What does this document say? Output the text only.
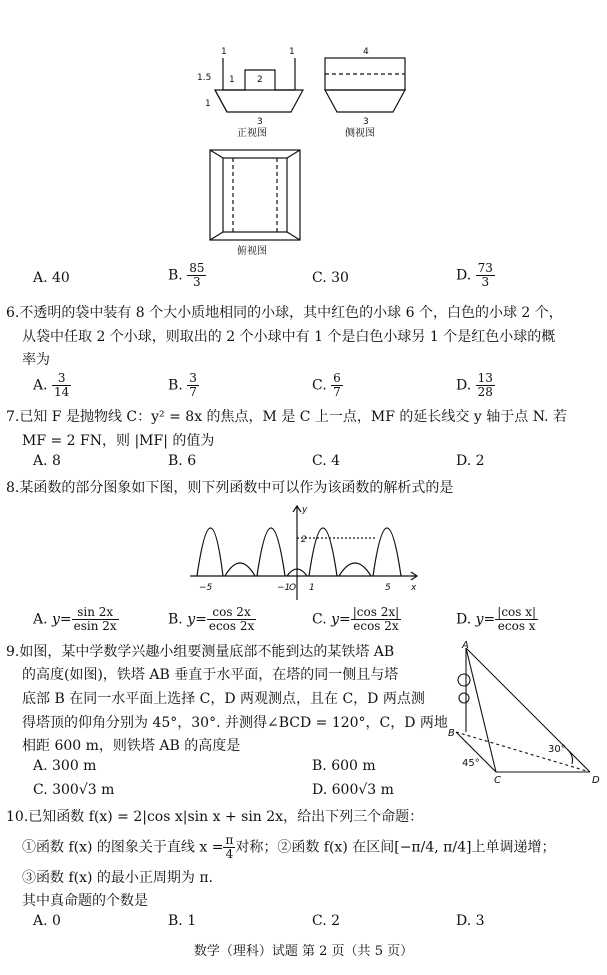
1	1
1.5
1
1 2
3
4
3
正视图	侧视图
俯视图
A. 40	B. $\frac{85}{3}$	C. 30	D. $\frac{73}{3}$
6.不透明的袋中装有 8 个大小质地相同的小球，其中红色的小球 6 个，白色的小球 2 个，
从袋中任取 2 个小球，则取出的 2 个小球中有 1 个是白色小球另 1 个是红色小球的概
率为
A. $\frac{3}{14}$	B. $\frac{3}{7}$	C. $\frac{6}{7}$	D. $\frac{13}{28}$
7.已知 F 是抛物线 C：y² = 8x 的焦点，M 是 C 上一点，MF 的延长线交 y 轴于点 N. 若
MF = 2 FN，则 |MF| 的值为
A. 8	B. 6	C. 4	D. 2
8.某函数的部分图象如下图，则下列函数中可以作为该函数的解析式的是
y
2
−5	−1
O 1	5 x
A. $y= \frac{\sin 2x}{esin 2x}$	B. $y= \frac{\cos 2x}{ecos 2x}$	C. $y= \frac{|\cos 2x|}{ecos 2x}$	D. $y= \frac{\text{|cos x|}}{\text{ecos x}}$
9.如图，某中学数学兴趣小组要测量底部不能到达的某铁塔 AB
的高度(如图)，铁塔 AB 垂直于水平面，在塔的同一侧且与塔
底部 B 在同一水平面上选择 C，D 两观测点，且在 C，D 两点测
得塔顶的仰角分别为 45°，30°. 并测得∠BCD = 120°，C，D 两地
相距 600 m，则铁塔 AB 的高度是
A. 300 m	B. 600 m
C. 300√3 m	D. 600√3 m
A
B
C	D
45°
30°
10.已知函数 f(x) = 2|cos x|sin x + sin 2x，给出下列三个命题：
①函数 f(x) 的图象关于直线 $x = \frac{\pi}{4}$ 对称；②函数 f(x) 在区间[−π/4, π/4]上单调递增；
③函数 f(x) 的最小正周期为 π.
其中真命题的个数是
A. 0	B. 1	C. 2	D. 3
数学（理科）试题 第 2 页（共 5 页）
